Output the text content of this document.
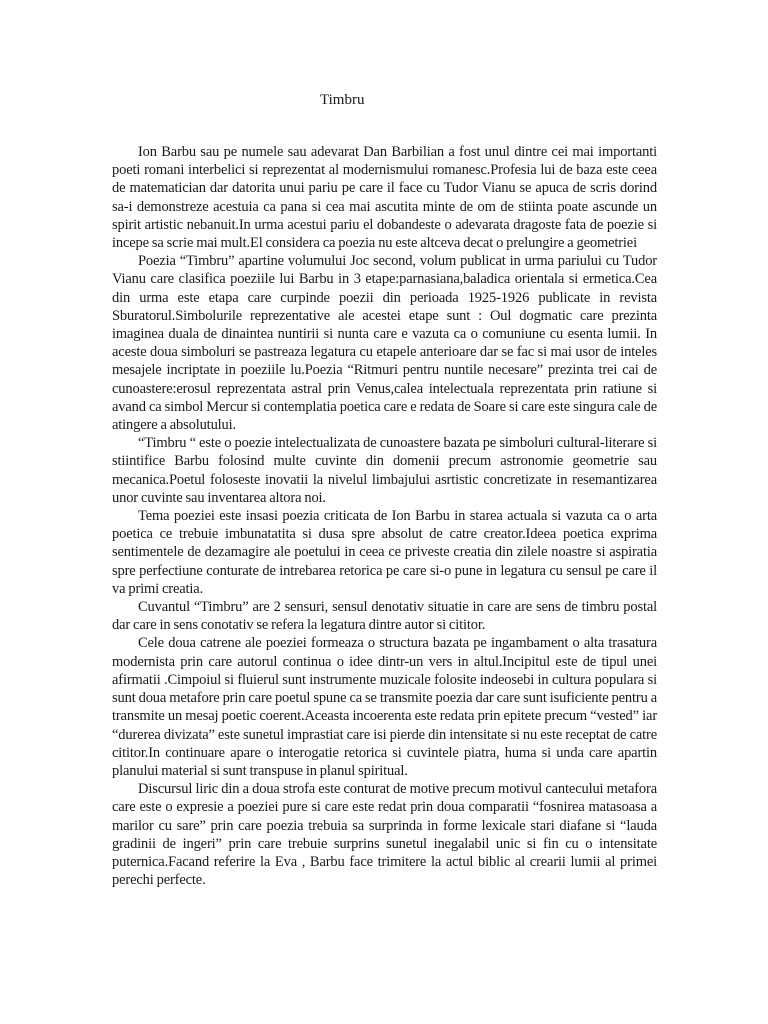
Timbru

Ion Barbu sau pe numele sau adevarat Dan Barbilian a fost unul dintre cei mai importanti poeti romani interbelici si reprezentat al modernismului romanesc.Profesia lui de baza este ceea de matematician dar datorita unui pariu pe care il face cu Tudor Vianu se apuca de scris dorind sa-i demonstreze acestuia ca pana si cea mai ascutita minte de om de stiinta poate ascunde un spirit artistic nebanuit.In urma acestui pariu el dobandeste o adevarata dragoste fata de poezie si incepe sa scrie mai mult.El considera ca poezia nu este altceva decat o prelungire a geometriei

Poezia “Timbru” apartine volumului Joc second, volum publicat in urma pariului cu Tudor Vianu care clasifica poeziile lui Barbu in 3 etape:parnasiana,baladica orientala si ermetica.Cea din urma este etapa care curpinde poezii din perioada 1925-1926 publicate in revista Sburatorul.Simbolurile reprezentative ale acestei etape sunt : Oul dogmatic care prezinta imaginea duala de dinaintea nuntirii si nunta care e vazuta ca o comuniune cu esenta lumii. In aceste doua simboluri se pastreaza legatura cu etapele anterioare dar se fac si mai usor de inteles mesajele incriptate in poeziile lu.Poezia “Ritmuri pentru nuntile necesare” prezinta trei cai de cunoastere:erosul reprezentata astral prin Venus,calea intelectuala reprezentata prin ratiune si avand ca simbol Mercur si contemplatia poetica care e redata de Soare si care este singura cale de atingere a absolutului.

“Timbru “ este o poezie intelectualizata de cunoastere bazata pe simboluri cultural-literare si stiintifice Barbu folosind multe cuvinte din domenii precum astronomie geometrie sau mecanica.Poetul foloseste inovatii la nivelul limbajului asrtistic concretizate in resemantizarea unor cuvinte sau inventarea altora noi.

Tema poeziei este insasi poezia criticata de Ion Barbu in starea actuala si vazuta ca o arta poetica ce trebuie imbunatatita si dusa spre absolut de catre creator.Ideea poetica exprima sentimentele de dezamagire ale poetului in ceea ce priveste creatia din zilele noastre si aspiratia spre perfectiune conturate de intrebarea retorica pe care si-o pune in legatura cu sensul pe care il va primi creatia.

Cuvantul “Timbru” are 2 sensuri, sensul denotativ situatie in care are sens de timbru postal dar care in sens conotativ se refera la legatura dintre autor si cititor.

Cele doua catrene ale poeziei formeaza o structura bazata pe ingambament o alta trasatura modernista prin care autorul continua o idee dintr-un vers in altul.Incipitul este de tipul unei afirmatii .Cimpoiul si fluierul sunt instrumente muzicale folosite indeosebi in cultura populara si sunt doua metafore prin care poetul spune ca se transmite poezia dar care sunt isuficiente pentru a transmite un mesaj poetic coerent.Aceasta incoerenta este redata prin epitete precum “vested” iar “durerea divizata” este sunetul imprastiat care isi pierde din intensitate si nu este receptat de catre cititor.In continuare apare o interogatie retorica si cuvintele piatra, huma si unda care apartin planului material si sunt transpuse in planul spiritual.

Discursul liric din a doua strofa este conturat de motive precum motivul cantecului metafora care este o expresie a poeziei pure si care este redat prin doua comparatii “fosnirea matasoasa a marilor cu sare” prin care poezia trebuia sa surprinda in forme lexicale stari diafane si “lauda gradinii de ingeri” prin care trebuie surprins sunetul inegalabil unic si fin cu o intensitate puternica.Facand referire la Eva , Barbu face trimitere la actul biblic al crearii lumii al primei perechi perfecte.
